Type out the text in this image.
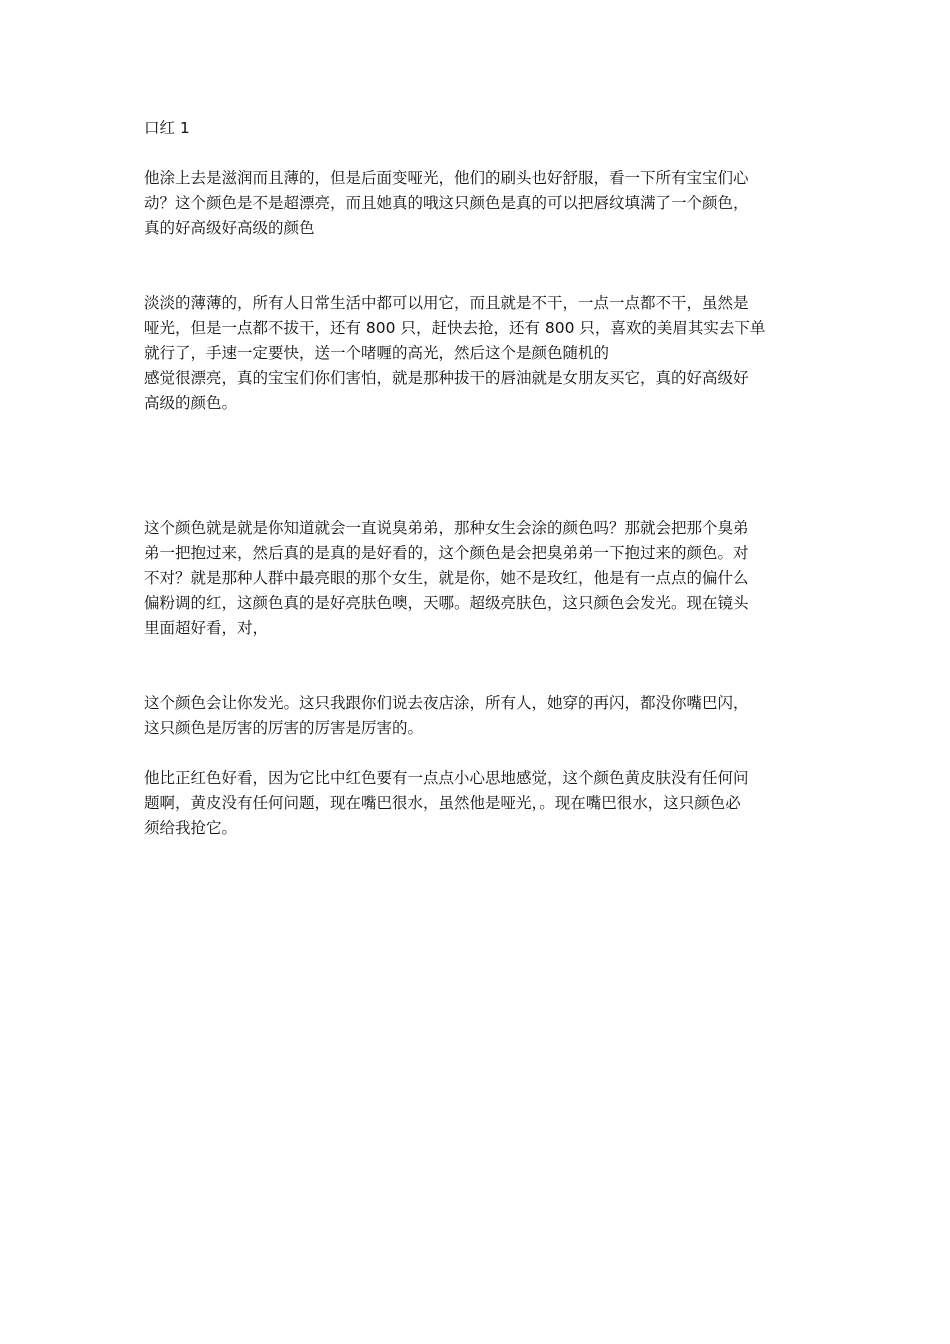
口红 1
他涂上去是滋润而且薄的，但是后面变哑光，他们的刷头也好舒服，看一下所有宝宝们心
动？这个颜色是不是超漂亮，而且她真的哦这只颜色是真的可以把唇纹填满了一个颜色，
真的好高级好高级的颜色
淡淡的薄薄的，所有人日常生活中都可以用它，而且就是不干，一点一点都不干，虽然是
哑光，但是一点都不拔干，还有 800 只，赶快去抢，还有 800 只，喜欢的美眉其实去下单
就行了，手速一定要快，送一个啫喱的高光，然后这个是颜色随机的
感觉很漂亮，真的宝宝们你们害怕，就是那种拔干的唇油就是女朋友买它，真的好高级好
高级的颜色。
这个颜色就是就是你知道就会一直说臭弟弟，那种女生会涂的颜色吗？那就会把那个臭弟
弟一把抱过来，然后真的是真的是好看的，这个颜色是会把臭弟弟一下抱过来的颜色。对
不对？就是那种人群中最亮眼的那个女生，就是你，她不是玫红，他是有一点点的偏什么
偏粉调的红，这颜色真的是好亮肤色噢，天哪。超级亮肤色，这只颜色会发光。现在镜头
里面超好看，对，
这个颜色会让你发光。这只我跟你们说去夜店涂，所有人，她穿的再闪，都没你嘴巴闪，
这只颜色是厉害的厉害的厉害是厉害的。
他比正红色好看，因为它比中红色要有一点点小心思地感觉，这个颜色黄皮肤没有任何问
题啊，黄皮没有任何问题，现在嘴巴很水，虽然他是哑光，。现在嘴巴很水，这只颜色必
须给我抢它。
